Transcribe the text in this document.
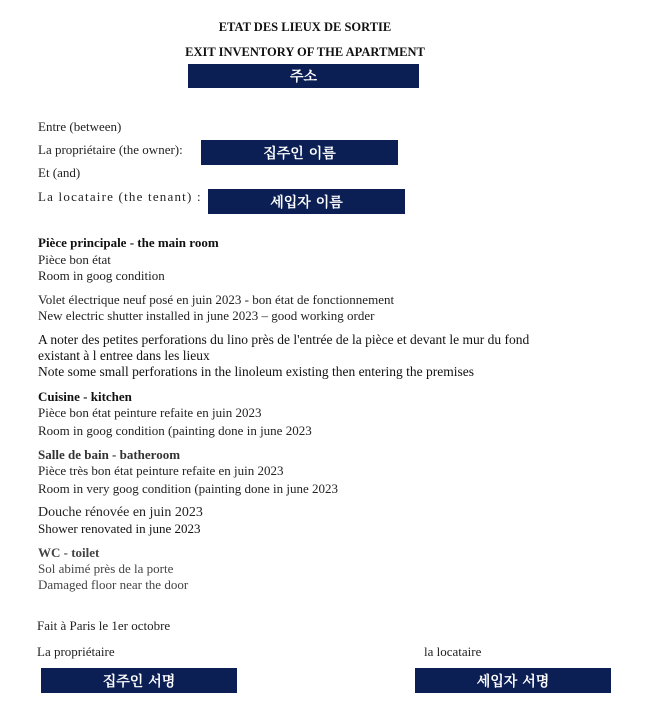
ETAT DES LIEUX DE SORTIE
EXIT INVENTORY OF THE APARTMENT
주소
Entre (between)
La propriétaire (the owner):	집주인 이름
Et (and)
La locataire (the tenant) :	세입자 이름
Pièce principale - the main room
Pièce bon état
Room in goog condition
Volet électrique neuf posé en juin 2023 - bon état de fonctionnement
New electric shutter installed in june 2023 – good working order
A noter des petites perforations du lino près de l'entrée de la pièce et devant le mur du fond
existant à l entree dans les lieux
Note some small perforations in the linoleum existing then entering the premises
Cuisine - kitchen
Pièce bon état peinture refaite en juin 2023
Room in goog condition (painting done in june 2023
Salle de bain - batheroom
Pièce très bon état peinture refaite en juin 2023
Room in very goog condition (painting done in june 2023
Douche rénovée en juin 2023
Shower renovated in june 2023
WC - toilet
Sol abimé près de la porte
Damaged floor near the door
Fait à Paris le 1er octobre
La propriétaire	la locataire
집주인 서명	세입자 서명
